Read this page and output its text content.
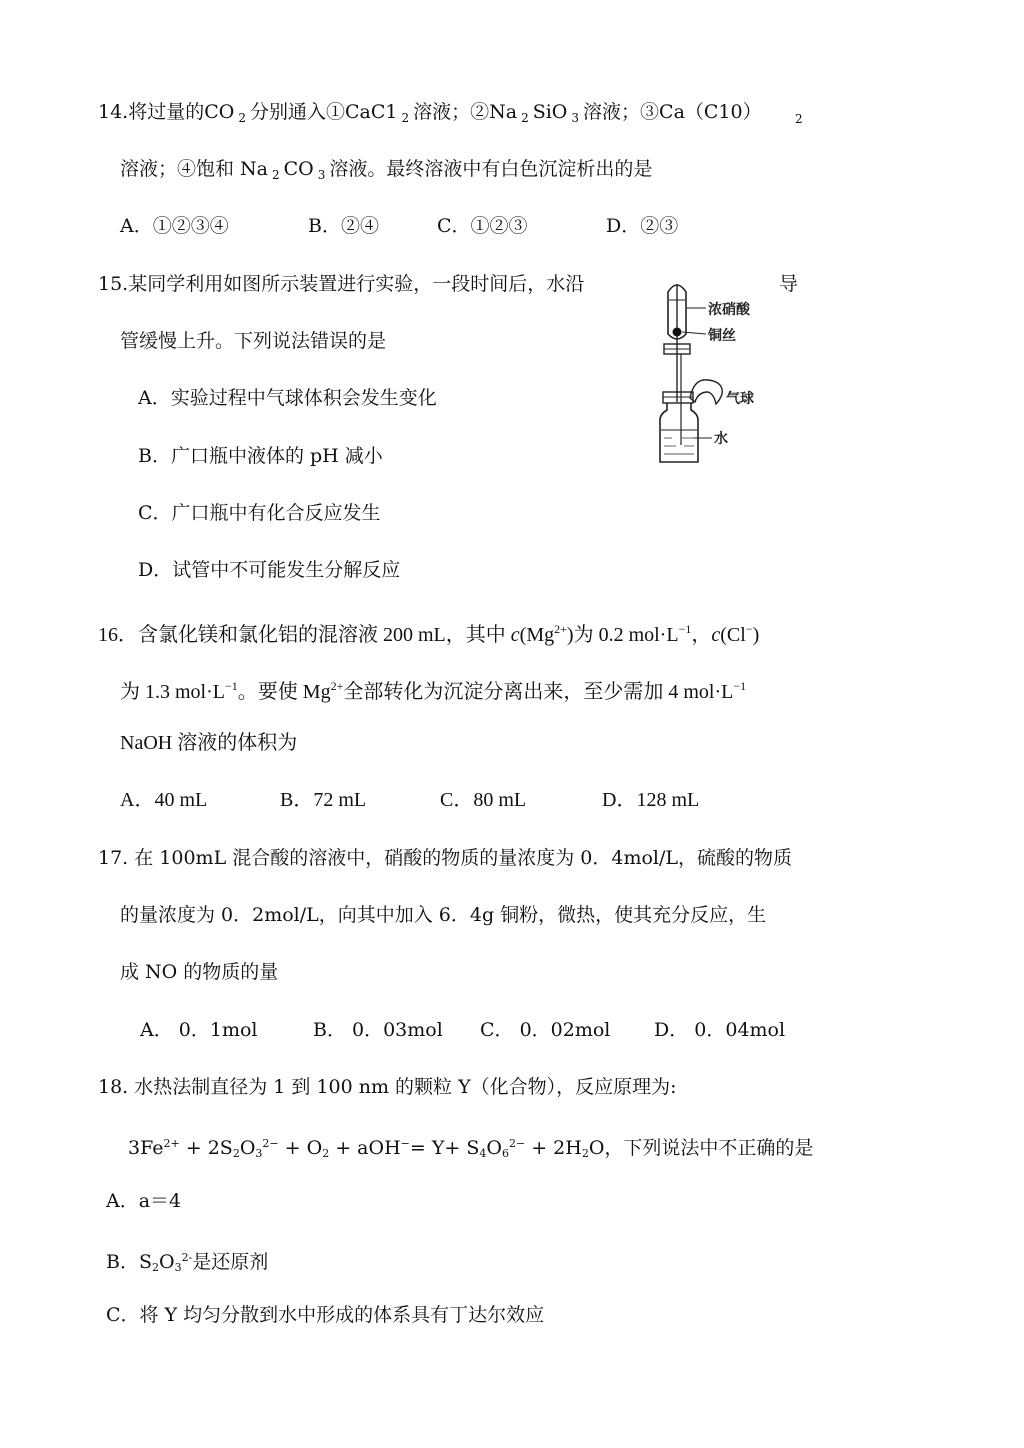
14.将过量的CO $_2$ 分别通入①CaC1 $_2$ 溶液；②Na $_2$ SiO $_3$ 溶液；③Ca（C10）	2
溶液；④饱和 Na $_2$ CO $_3$ 溶液。最终溶液中有白色沉淀析出的是
A．①②③④	B．②④	C．①②③	D．②③
15.某同学利用如图所示装置进行实验，一段时间后，水沿	导
管缓慢上升。下列说法错误的是
A．实验过程中气球体积会发生变化
B．广口瓶中液体的 pH 减小
C．广口瓶中有化合反应发生
D．试管中不可能发生分解反应
浓硝酸
铜丝
气球
水
16．含氯化镁和氯化铝的混溶液 200 mL，其中 $c(Mg^{2+})$为 0.2 $mol\cdot L^{-1}$，c(Cl−)
为 1.3 $mol\cdot L^{-1}$。要使 $Mg^{2+}$全部转化为沉淀分离出来，至少需加 4 $mol\cdot L^{-1}$
NaOH 溶液的体积为
A．40 mL	B．72 mL	C．80 mL	D．128 mL
17. 在 100mL 混合酸的溶液中，硝酸的物质的量浓度为 0．4mol/L，硫酸的物质
的量浓度为 0．2mol/L，向其中加入 6．4g 铜粉，微热，使其充分反应，生
成 NO 的物质的量
A． 0．1mol	B． 0．03mol C． 0．02mol D． 0．04mol
18. 水热法制直径为 1 到 100 nm 的颗粒 Y（化合物），反应原理为:
$3Fe^{2+} + 2S2O3^{2-} + O2 + aOH^-= Y+ S4O6^{2-} + 2H2O$，下列说法中不正确的是
A．a＝4
B．$S2O3^{2-}$是还原剂
C．将 Y 均匀分散到水中形成的体系具有丁达尔效应
